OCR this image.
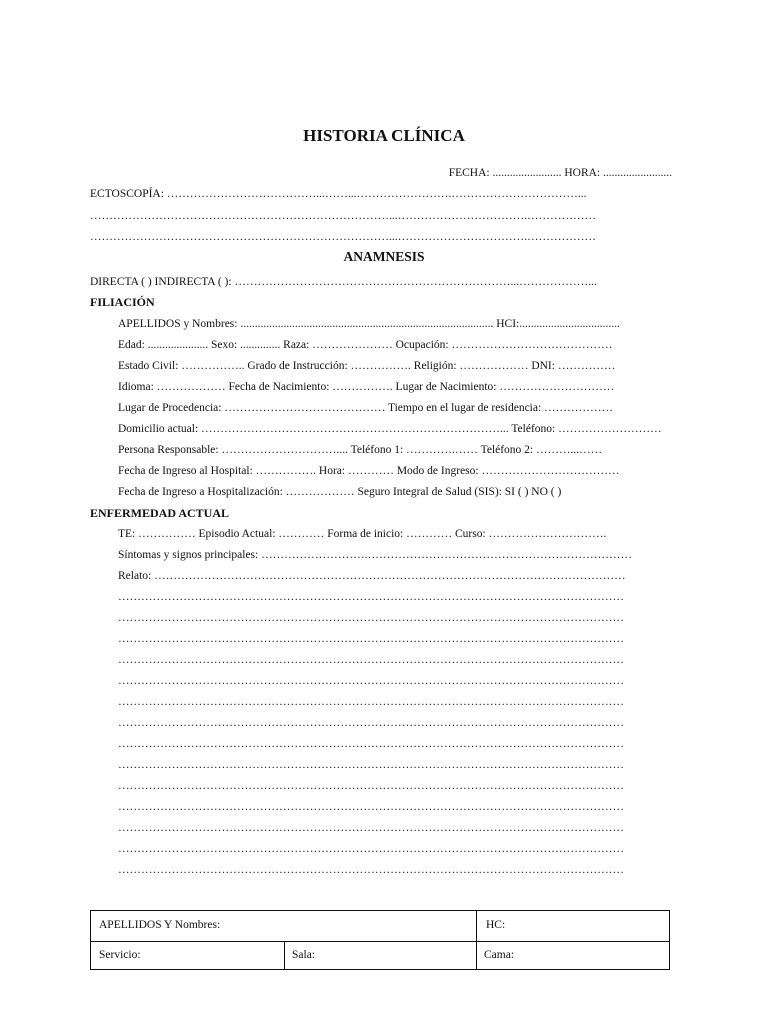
HISTORIA CLÍNICA
FECHA: ........................ HORA: ........................
ECTOSCOPÍA: …………………………………...……...…………………….……………………………...
……………………………………………………………………...…………………………….………………
……………………………………………………………………...…………………………….………………
ANAMNESIS
DIRECTA ( ) INDIRECTA ( ): ………………………………………………………………...………………...
FILIACIÓN
APELLIDOS y Nombres: ........................................................................................ HCI:...................................
Edad: ..................... Sexo: .............. Raza: ………………… Ocupación: ……………………………………
Estado Civil: …………….. Grado de Instrucción: ……………. Religión: ……………… DNI: ……………
Idioma: ……………… Fecha de Nacimiento: ……………. Lugar de Nacimiento: …………………………
Lugar de Procedencia: …………………………………… Tiempo en el lugar de residencia: ………………
Domicilio actual: ……………………………………………………………………... Teléfono: ………………………
Persona Responsable: ………………………….... Teléfono 1: ………….…… Teléfono 2: ………...……
Fecha de Ingreso al Hospital: ……………. Hora: ………… Modo de Ingreso: ………………………………
Fecha de Ingreso a Hospitalización: ……………… Seguro Integral de Salud (SIS): SI ( ) NO ( )
ENFERMEDAD ACTUAL
TE: …………… Episodio Actual: ………… Forma de inicio: ………… Curso: ………………………….
Síntomas y signos principales: ……………………….……………………………………………………………
Relato: ……………………………………………………………………………………………………………
……………………………………………………………………………………………………………………
……………………………………………………………………………………………………………………
……………………………………………………………………………………………………………………
……………………………………………………………………………………………………………………
……………………………………………………………………………………………………………………
……………………………………………………………………………………………………………………
……………………………………………………………………………………………………………………
……………………………………………………………………………………………………………………
……………………………………………………………………………………………………………………
……………………………………………………………………………………………………………………
……………………………………………………………………………………………………………………
……………………………………………………………………………………………………………………
……………………………………………………………………………………………………………………
……………………………………………………………………………………………………………………
APELLIDOS Y Nombres:	HC:
Servicio:	Sala:	Cama:
